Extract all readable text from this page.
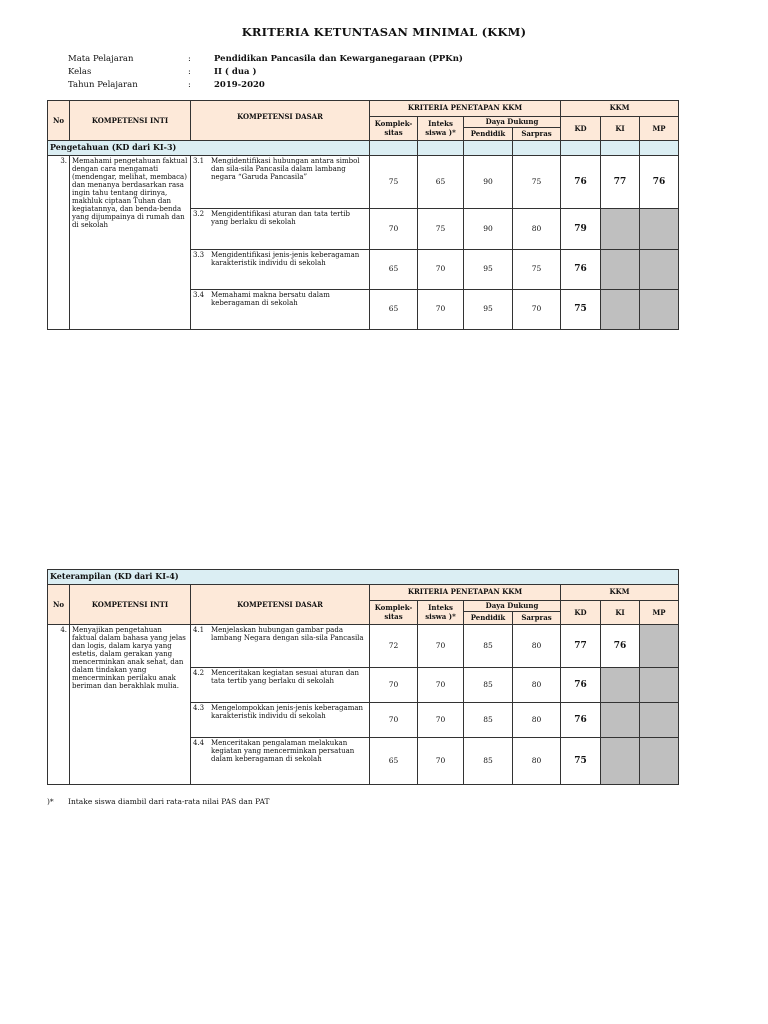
KRITERIA KETUNTASAN MINIMAL (KKM)
Mata Pelajaran	:	Pendidikan Pancasila dan Kewarganegaraan (PPKn)
Kelas	:	II ( dua )
Tahun Pelajaran	:	2019-2020
No	KOMPETENSI INTI	KOMPETENSI DASAR	KRITERIA PENETAPAN KKM				KKM		
			Komplek-sitas	Inteks siswa )*	Daya Dukung		KD	KI	MP
					Pendidik	Sarpras			
Pengetahuan (KD dari KI-3)									
3.	Memahami pengetahuan faktual dengan cara mengamati (mendengar, melihat, membaca) dan menanya berdasarkan rasa ingin tahu tentang dirinya, makhluk ciptaan Tuhan dan kegiatannya, dan benda-benda yang dijumpainya di rumah dan di sekolah	3.1 Mengidentifikasi hubungan antara simbol dan sila-sila Pancasila dalam lambang negara “Garuda Pancasila”	75	65	90	75	76	77	76

		3.2 Mengidentifikasi aturan dan tata tertib yang berlaku di sekolah	70	75	90	80	79		

		3.3 Mengidentifikasi jenis-jenis keberagaman karakteristik individu di sekolah	65	70	95	75	76		

		3.4 Memahami makna bersatu dalam keberagaman di sekolah	65	70	95	70	75		
Keterampilan (KD dari KI-4)									
No	KOMPETENSI INTI	KOMPETENSI DASAR	KRITERIA PENETAPAN KKM				KKM		
			Komplek-sitas	Inteks siswa )*	Daya Dukung		KD	KI	MP
					Pendidik	Sarpras			
4.	Menyajikan pengetahuan faktual dalam bahasa yang jelas dan logis, dalam karya yang estetis, dalam gerakan yang mencerminkan anak sehat, dan dalam tindakan yang mencerminkan perilaku anak beriman dan berakhlak mulia.	4.1 Menjelaskan hubungan gambar pada lambang Negara dengan sila-sila Pancasila	72	70	85	80	77	76	

		4.2 Menceritakan kegiatan sesuai aturan dan tata tertib yang berlaku di sekolah	70	70	85	80	76		

		4.3 Mengelompokkan jenis-jenis keberagaman karakteristik individu di sekolah	70	70	85	80	76		

		4.4 Menceritakan pengalaman melakukan kegiatan yang mencerminkan persatuan dalam keberagaman di sekolah	65	70	85	80	75		
)*	Intake siswa diambil dari rata-rata nilai PAS dan PAT
